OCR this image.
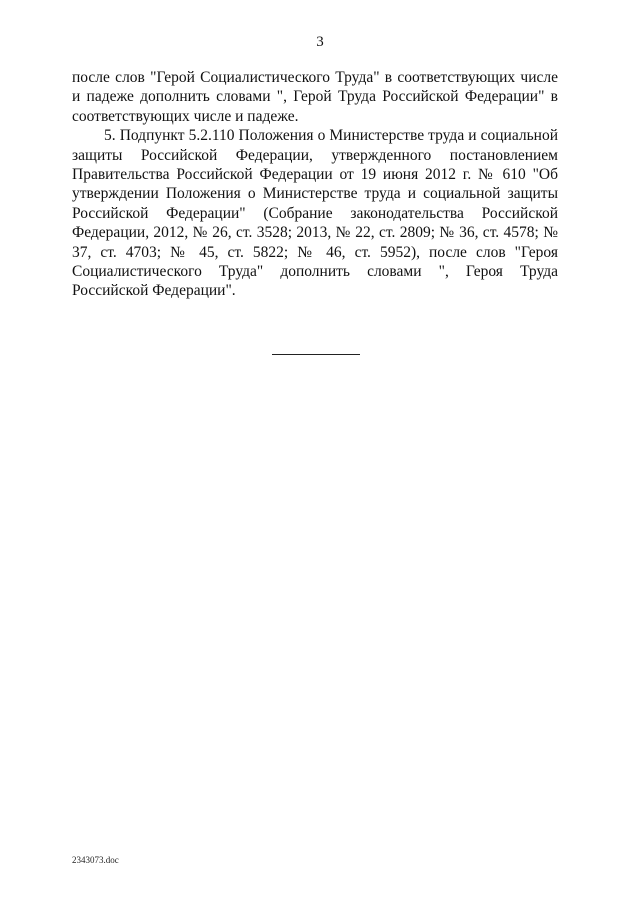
3

после слов "Герой Социалистического Труда" в соответствующих числе и падеже дополнить словами ", Герой Труда Российской Федерации" в соответствующих числе и падеже.

5. Подпункт 5.2.110 Положения о Министерстве труда и социальной защиты Российской Федерации, утвержденного постановлением Правительства Российской Федерации от 19 июня 2012 г. № 610 "Об утверждении Положения о Министерстве труда и социальной защиты Российской Федерации" (Собрание законодательства Российской Федерации, 2012, № 26, ст. 3528; 2013, № 22, ст. 2809; № 36, ст. 4578; № 37, ст. 4703; № 45, ст. 5822; № 46, ст. 5952), после слов "Героя Социалистического Труда" дополнить словами ", Героя Труда Российской Федерации".

2343073.doc
